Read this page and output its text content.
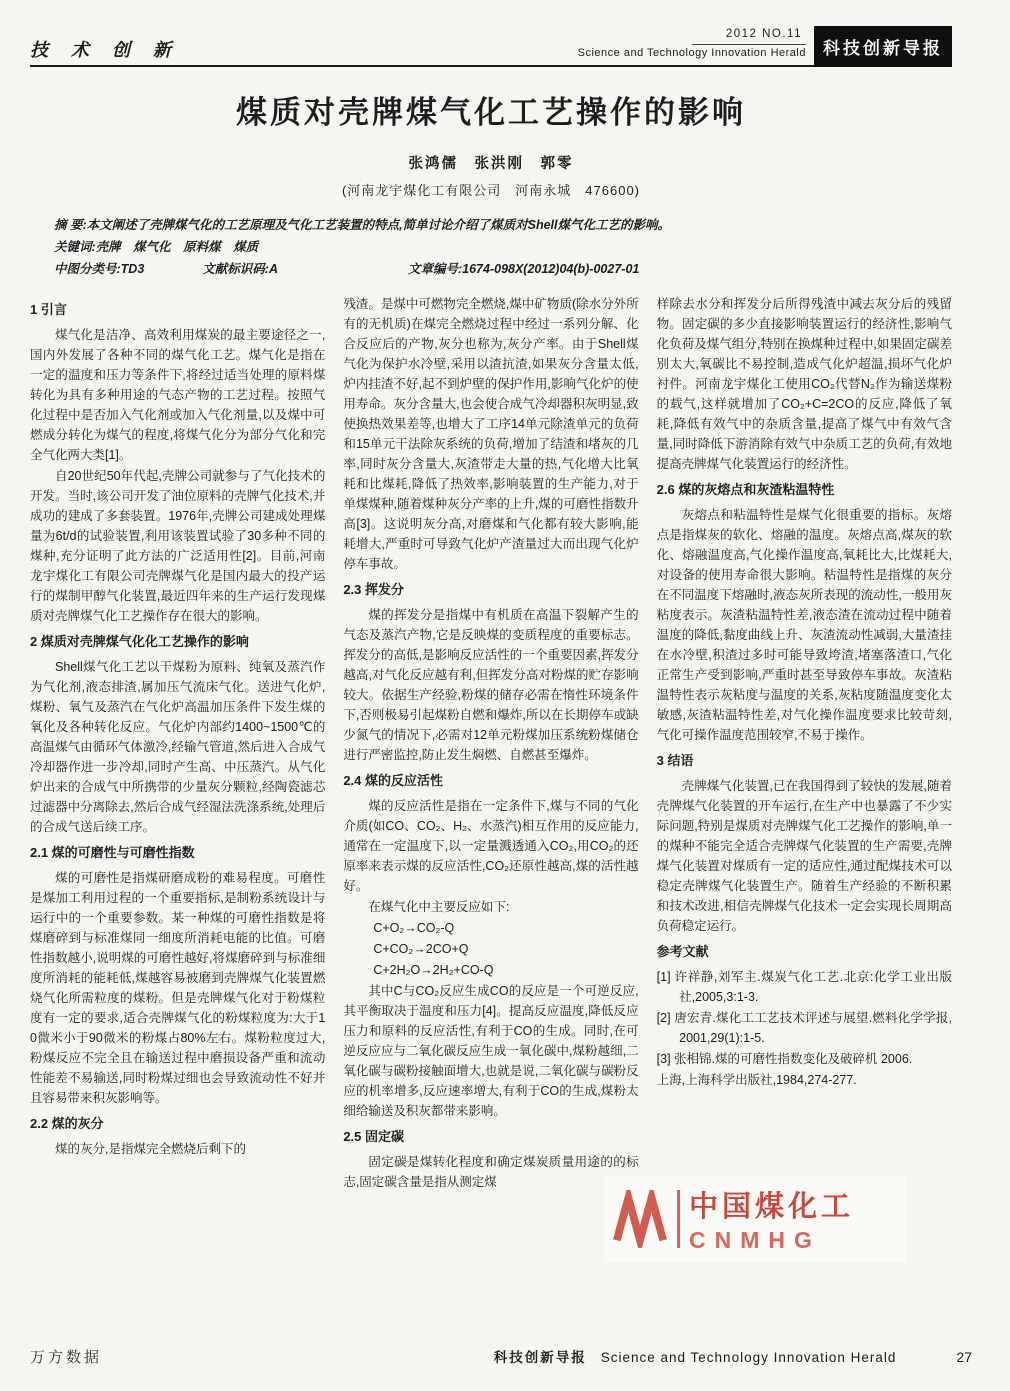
技 术 创 新
2012 NO.11
Science and Technology Innovation Herald	科技创新导报
煤质对壳牌煤气化工艺操作的影响
张鸿儒　张洪刚　郭零
(河南龙宇煤化工有限公司　河南永城　476600)
摘 要:本文阐述了壳牌煤气化的工艺原理及气化工艺装置的特点,简单讨论介绍了煤质对Shell煤气化工艺的影响。
关键词:壳牌　煤气化　原料煤　煤质
中图分类号:TD3	文献标识码:A	文章编号:1674-098X(2012)04(b)-0027-01
1 引言
煤气化是洁净、高效利用煤炭的最主要途径之一,国内外发展了各种不同的煤气化工艺。煤气化是指在一定的温度和压力等条件下,将经过适当处理的原料煤转化为具有多种用途的气态产物的工艺过程。按照气化过程中是否加入气化剂或加入气化剂量,以及煤中可燃成分转化为煤气的程度,将煤气化分为部分气化和完全气化两大类[1]。
自20世纪50年代起,壳牌公司就参与了气化技术的开发。当时,该公司开发了油位原料的壳牌气化技术,并成功的建成了多套装置。1976年,壳牌公司建成处理煤量为6t/d的试验装置,利用该装置试验了30多种不同的煤种,充分证明了此方法的广泛适用性[2]。目前,河南龙宇煤化工有限公司壳牌煤气化是国内最大的投产运行的煤制甲醇气化装置,最近四年来的生产运行发现煤质对壳牌煤气化工艺操作存在很大的影响。
2 煤质对壳牌煤气化化工艺操作的影响
Shell煤气化工艺以干煤粉为原料、纯氧及蒸汽作为气化剂,液态排渣,属加压气流床气化。送进气化炉,煤粉、氧气及蒸汽在气化炉高温加压条件下发生煤的氧化及各种转化反应。气化炉内部约1400~1500℃的高温煤气由循环气体激冷,经输气管道,然后进入合成气冷却器作进一步冷却,同时产生高、中压蒸汽。从气化炉出来的合成气中所携带的少量灰分颗粒,经陶瓷滤芯过滤器中分离除去,然后合成气经湿法洗涤系统,处理后的合成气送后续工序。
2.1 煤的可磨性与可磨性指数
煤的可磨性是指煤研磨成粉的难易程度。可磨性是煤加工利用过程的一个重要指标,是制粉系统设计与运行中的一个重要参数。某一种煤的可磨性指数是将煤磨碎到与标准煤同一细度所消耗电能的比值。可磨性指数越小,说明煤的可磨性越好,将煤磨碎到与标准细度所消耗的能耗低,煤越容易被磨到壳牌煤气化装置燃烧气化所需粒度的煤粉。但是壳牌煤气化对于粉煤粒度有一定的要求,适合壳牌煤气化的粉煤粒度为:大于10微米小于90微米的粉煤占80%左右。煤粉粒度过大,粉煤反应不完全且在输送过程中磨损设备严重和流动性能差不易输送,同时粉煤过细也会导致流动性不好并且容易带来积灰影响等。
2.2 煤的灰分
煤的灰分,是指煤完全燃烧后剩下的
残渣。是煤中可燃物完全燃烧,煤中矿物质(除水分外所有的无机质)在煤完全燃烧过程中经过一系列分解、化合反应后的产物,灰分也称为,灰分产率。由于Shell煤气化为保护水冷壁,采用以渣抗渣,如果灰分含量太低,炉内挂渣不好,起不到炉壁的保护作用,影响气化炉的使用寿命。灰分含量大,也会使合成气冷却器积灰明显,致使换热效果差等,也增大了工序14单元除渣单元的负荷和15单元干法除灰系统的负荷,增加了结渣和堵灰的几率,同时灰分含量大,灰渣带走大量的热,气化增大比氧耗和比煤耗,降低了热效率,影响装置的生产能力,对于单煤煤种,随着煤种灰分产率的上升,煤的可磨性指数升高[3]。这说明灰分高,对磨煤和气化都有较大影响,能耗增大,严重时可导致气化炉产渣量过大而出现气化炉停车事故。
2.3 挥发分
煤的挥发分是指煤中有机质在高温下裂解产生的气态及蒸汽产物,它是反映煤的变质程度的重要标志。挥发分的高低,是影响反应活性的一个重要因素,挥发分越高,对气化反应越有利,但挥发分高对粉煤的贮存影响较大。依据生产经验,粉煤的储存必需在惰性环境条件下,否则极易引起煤粉自燃和爆炸,所以在长期停车或缺少氮气的情况下,必需对12单元粉煤加压系统粉煤储仓进行严密监控,防止发生焖燃、自燃甚至爆炸。
2.4 煤的反应活性
煤的反应活性是指在一定条件下,煤与不同的气化介质(如CO、CO₂、H₂、水蒸汽)相互作用的反应能力,通常在一定温度下,以一定量溅透通入CO₂,用CO₂的还原率来表示煤的反应活性,CO₂还原性越高,煤的活性越好。
在煤气化中主要反应如下:
C+O₂→CO₂-Q
C+CO₂→2CO+Q
C+2H₂O→2H₂+CO-Q
其中C与CO₂反应生成CO的反应是一个可逆反应,其平衡取决于温度和压力[4]。提高反应温度,降低反应压力和原料的反应活性,有利于CO的生成。同时,在可逆反应应与二氧化碳反应生成一氧化碳中,煤粉越细,二氧化碳与碳粉接触面增大,也就是说,二氧化碳与碳粉反应的机率增多,反应速率增大,有利于CO的生成,煤粉太细给输送及积灰都带来影响。
2.5 固定碳
固定碳是煤转化程度和确定煤炭质量用途的的标志,固定碳含量是指从测定煤
样除去水分和挥发分后所得残渣中减去灰分后的残留物。固定碳的多少直接影响装置运行的经济性,影响气化负荷及煤气组分,特别在换煤种过程中,如果固定碳差别太大,氧碳比不易控制,造成气化炉超温,损坏气化炉衬件。河南龙宇煤化工使用CO₂代替N₂作为输送煤粉的载气,这样就增加了CO₂+C=2CO的反应,降低了氧耗,降低有效气中的杂质含量,提高了煤气中有效气含量,同时降低下游消除有效气中杂质工艺的负荷,有效地提高壳牌煤气化装置运行的经济性。
2.6 煤的灰熔点和灰渣粘温特性
灰熔点和粘温特性是煤气化很重要的指标。灰熔点是指煤灰的软化、熔融的温度。灰熔点高,煤灰的软化、熔融温度高,气化操作温度高,氧耗比大,比煤耗大,对设备的使用寿命很大影响。粘温特性是指煤的灰分在不同温度下熔融时,液态灰所表现的流动性,一般用灰粘度表示。灰渣粘温特性差,液态渣在流动过程中随着温度的降低,黏度曲线上升、灰渣流动性减弱,大量渣挂在水冷壁,积渣过多时可能导致垮渣,堵塞落渣口,气化正常生产受到影响,严重时甚至导致停车事故。灰渣粘温特性表示灰粘度与温度的关系,灰粘度随温度变化太敏感,灰渣粘温特性差,对气化操作温度要求比较苛刻,气化可操作温度范围较窄,不易于操作。
3 结语
壳牌煤气化装置,已在我国得到了较快的发展,随着壳牌煤气化装置的开车运行,在生产中也暴露了不少实际问题,特别是煤质对壳牌煤气化工艺操作的影响,单一的煤种不能完全适合壳牌煤气化装置的生产需要,壳牌煤气化装置对煤质有一定的适应性,通过配煤技术可以稳定壳牌煤气化装置生产。随着生产经验的不断积累和技术改进,相信壳牌煤气化技术一定会实现长周期高负荷稳定运行。
参考文献
[1] 许祥静,刘军主.煤炭气化工艺.北京:化学工业出版社,2005,3:1-3.
[2] 唐宏青.煤化工工艺技术评述与展望.燃料化学学报,2001,29(1):1-5.
[3] 张相锦.煤的可磨性指数变化及破碎机 2006.
上海,上海科学出版社,1984,274-277.
中国煤化工
CNMHG
万方数据	科技创新导报 Science and Technology Innovation Herald	27
